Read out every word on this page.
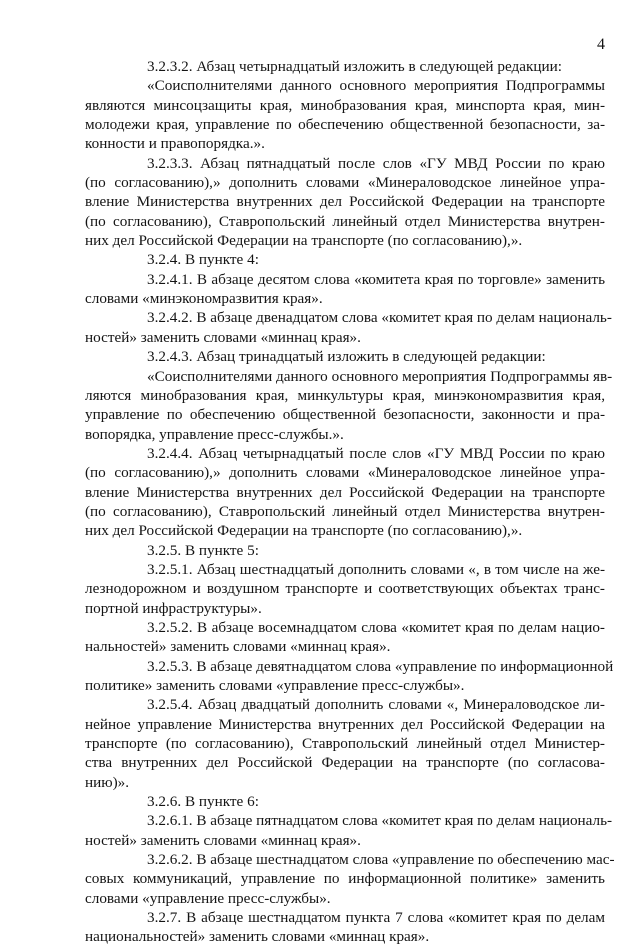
4
3.2.3.2. Абзац четырнадцатый изложить в следующей редакции:
«Соисполнителями данного основного мероприятия Подпрограммы
являются минсоцзащиты края, минобразования края, минспорта края, мин-
молодежи края, управление по обеспечению общественной безопасности, за-
конности и правопорядка.».
3.2.3.3. Абзац пятнадцатый после слов «ГУ МВД России по краю
(по согласованию),» дополнить словами «Минераловодское линейное упра-
вление Министерства внутренних дел Российской Федерации на транспорте
(по согласованию), Ставропольский линейный отдел Министерства внутрен-
них дел Российской Федерации на транспорте (по согласованию),».
3.2.4. В пункте 4:
3.2.4.1. В абзаце десятом слова «комитета края по торговле» заменить
словами «минэкономразвития края».
3.2.4.2. В абзаце двенадцатом слова «комитет края по делам националь-
ностей» заменить словами «миннац края».
3.2.4.3. Абзац тринадцатый изложить в следующей редакции:
«Соисполнителями данного основного мероприятия Подпрограммы яв-
ляются минобразования края, минкультуры края, минэкономразвития края,
управление по обеспечению общественной безопасности, законности и пра-
вопорядка, управление пресс-службы.».
3.2.4.4. Абзац четырнадцатый после слов «ГУ МВД России по краю
(по согласованию),» дополнить словами «Минераловодское линейное упра-
вление Министерства внутренних дел Российской Федерации на транспорте
(по согласованию), Ставропольский линейный отдел Министерства внутрен-
них дел Российской Федерации на транспорте (по согласованию),».
3.2.5. В пункте 5:
3.2.5.1. Абзац шестнадцатый дополнить словами «, в том числе на же-
лезнодорожном и воздушном транспорте и соответствующих объектах транс-
портной инфраструктуры».
3.2.5.2. В абзаце восемнадцатом слова «комитет края по делам нацио-
нальностей» заменить словами «миннац края».
3.2.5.3. В абзаце девятнадцатом слова «управление по информационной
политике» заменить словами «управление пресс-службы».
3.2.5.4. Абзац двадцатый дополнить словами «, Минераловодское ли-
нейное управление Министерства внутренних дел Российской Федерации на
транспорте (по согласованию), Ставропольский линейный отдел Министер-
ства внутренних дел Российской Федерации на транспорте (по согласова-
нию)».
3.2.6. В пункте 6:
3.2.6.1. В абзаце пятнадцатом слова «комитет края по делам националь-
ностей» заменить словами «миннац края».
3.2.6.2. В абзаце шестнадцатом слова «управление по обеспечению мас-
совых коммуникаций, управление по информационной политике» заменить
словами «управление пресс-службы».
3.2.7. В абзаце шестнадцатом пункта 7 слова «комитет края по делам
национальностей» заменить словами «миннац края».
